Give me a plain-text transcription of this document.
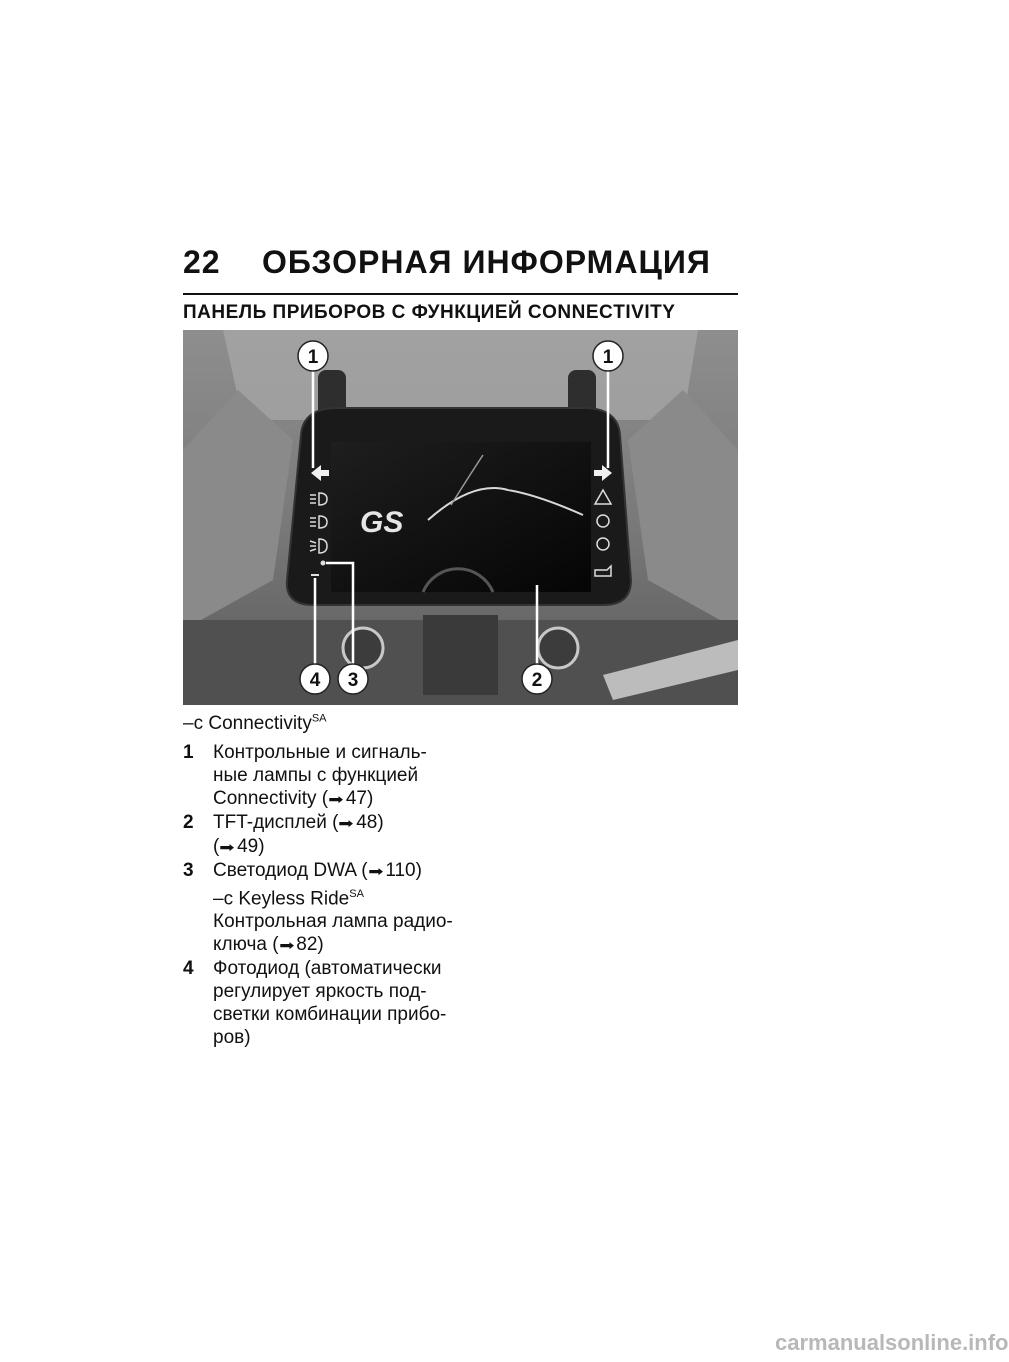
22 ОБЗОРНАЯ ИНФОРМАЦИЯ
ПАНЕЛЬ ПРИБОРОВ С ФУНКЦИЕЙ CONNECTIVITY
GS
1	1
2
3
4

–с Connectivity$^{SA}$

1 Контрольные и сигналь-
ные лампы с функцией
Connectivity (➡ 47)
2 TFT-дисплей (➡ 48)
(➡ 49)
3 Светодиод DWA (➡ 110)
–с Keyless Ride$^{SA}$
Контрольная лампа радио-
ключа (➡ 82)
4 Фотодиод (автоматически
регулирует яркость под-
светки комбинации прибо-
ров)
carmanualsonline.info
